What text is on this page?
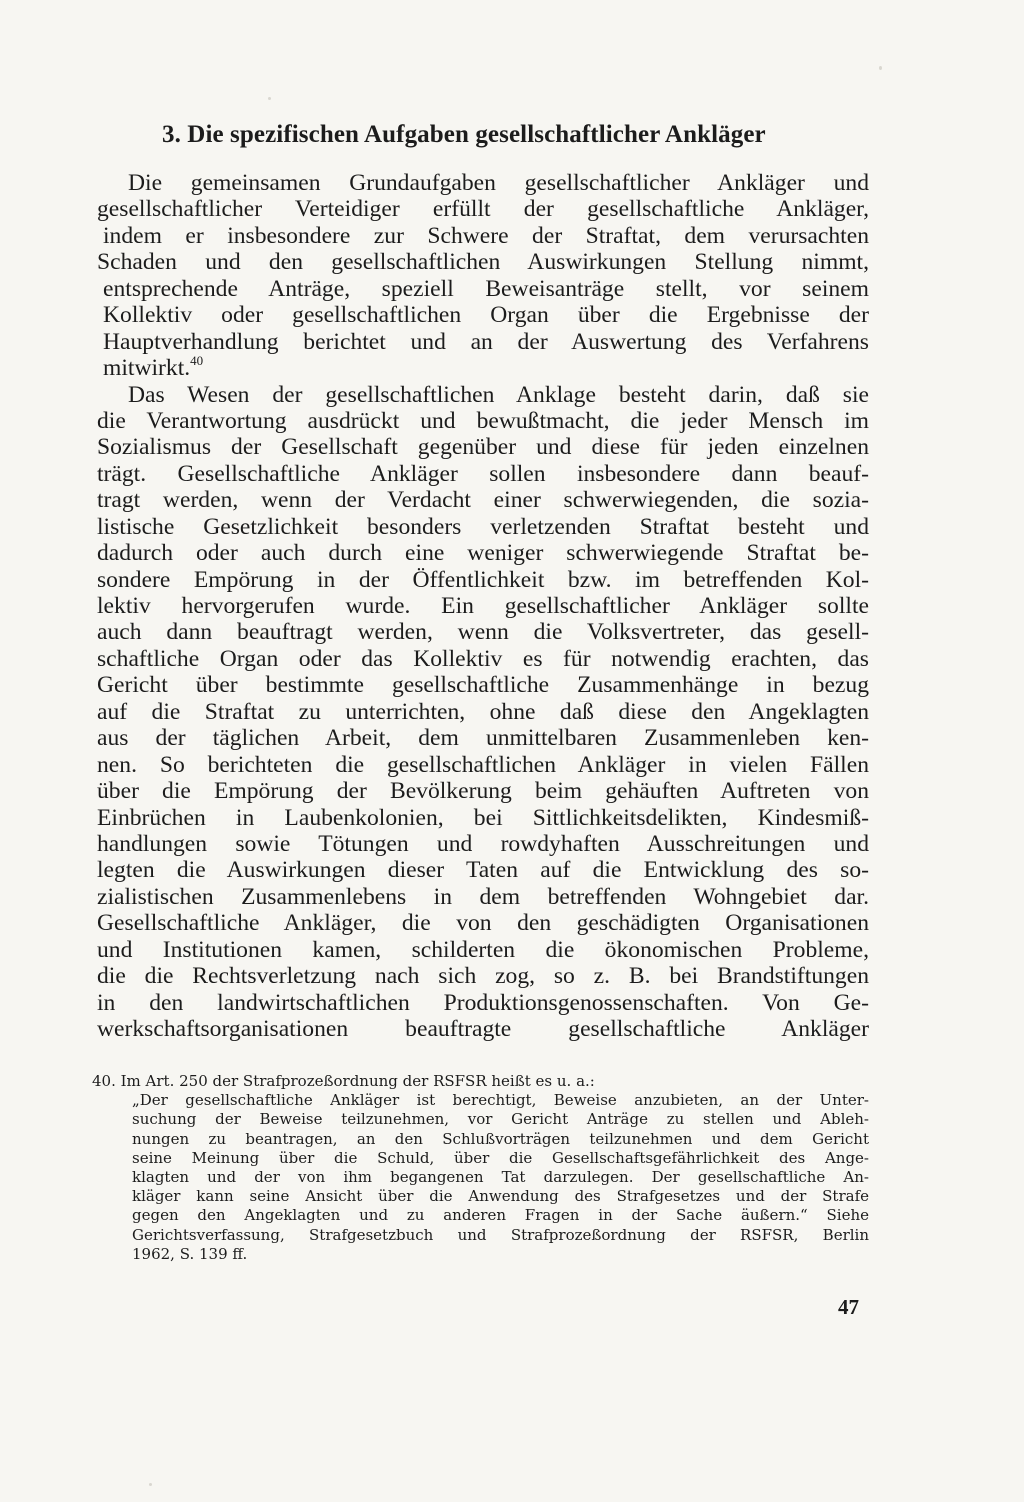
3. Die spezifischen Aufgaben gesellschaftlicher Ankläger
Die gemeinsamen Grundaufgaben gesellschaftlicher Ankläger und
gesellschaftlicher Verteidiger erfüllt der gesellschaftliche Ankläger,
indem er insbesondere zur Schwere der Straftat, dem verursachten
Schaden und den gesellschaftlichen Auswirkungen Stellung nimmt,
entsprechende Anträge, speziell Beweisanträge stellt, vor seinem
Kollektiv oder gesellschaftlichen Organ über die Ergebnisse der
Hauptverhandlung berichtet und an der Auswertung des Verfahrens
mitwirkt.$^{40}$
Das Wesen der gesellschaftlichen Anklage besteht darin, daß sie
die Verantwortung ausdrückt und bewußtmacht, die jeder Mensch im
Sozialismus der Gesellschaft gegenüber und diese für jeden einzelnen
trägt. Gesellschaftliche Ankläger sollen insbesondere dann beauf-
tragt werden, wenn der Verdacht einer schwerwiegenden, die sozia-
listische Gesetzlichkeit besonders verletzenden Straftat besteht und
dadurch oder auch durch eine weniger schwerwiegende Straftat be-
sondere Empörung in der Öffentlichkeit bzw. im betreffenden Kol-
lektiv hervorgerufen wurde. Ein gesellschaftlicher Ankläger sollte
auch dann beauftragt werden, wenn die Volksvertreter, das gesell-
schaftliche Organ oder das Kollektiv es für notwendig erachten, das
Gericht über bestimmte gesellschaftliche Zusammenhänge in bezug
auf die Straftat zu unterrichten, ohne daß diese den Angeklagten
aus der täglichen Arbeit, dem unmittelbaren Zusammenleben ken-
nen. So berichteten die gesellschaftlichen Ankläger in vielen Fällen
über die Empörung der Bevölkerung beim gehäuften Auftreten von
Einbrüchen in Laubenkolonien, bei Sittlichkeitsdelikten, Kindesmiß-
handlungen sowie Tötungen und rowdyhaften Ausschreitungen und
legten die Auswirkungen dieser Taten auf die Entwicklung des so-
zialistischen Zusammenlebens in dem betreffenden Wohngebiet dar.
Gesellschaftliche Ankläger, die von den geschädigten Organisationen
und Institutionen kamen, schilderten die ökonomischen Probleme,
die die Rechtsverletzung nach sich zog, so z. B. bei Brandstiftungen
in den landwirtschaftlichen Produktionsgenossenschaften. Von Ge-
werkschaftsorganisationen beauftragte gesellschaftliche Ankläger
40. Im Art. 250 der Strafprozeßordnung der RSFSR heißt es u. a.:
„Der gesellschaftliche Ankläger ist berechtigt, Beweise anzubieten, an der Unter-
suchung der Beweise teilzunehmen, vor Gericht Anträge zu stellen und Ableh-
nungen zu beantragen, an den Schlußvorträgen teilzunehmen und dem Gericht
seine Meinung über die Schuld, über die Gesellschaftsgefährlichkeit des Ange-
klagten und der von ihm begangenen Tat darzulegen. Der gesellschaftliche An-
kläger kann seine Ansicht über die Anwendung des Strafgesetzes und der Strafe
gegen den Angeklagten und zu anderen Fragen in der Sache äußern.“ Siehe
Gerichtsverfassung, Strafgesetzbuch und Strafprozeßordnung der RSFSR, Berlin
1962, S. 139 ff.
47
